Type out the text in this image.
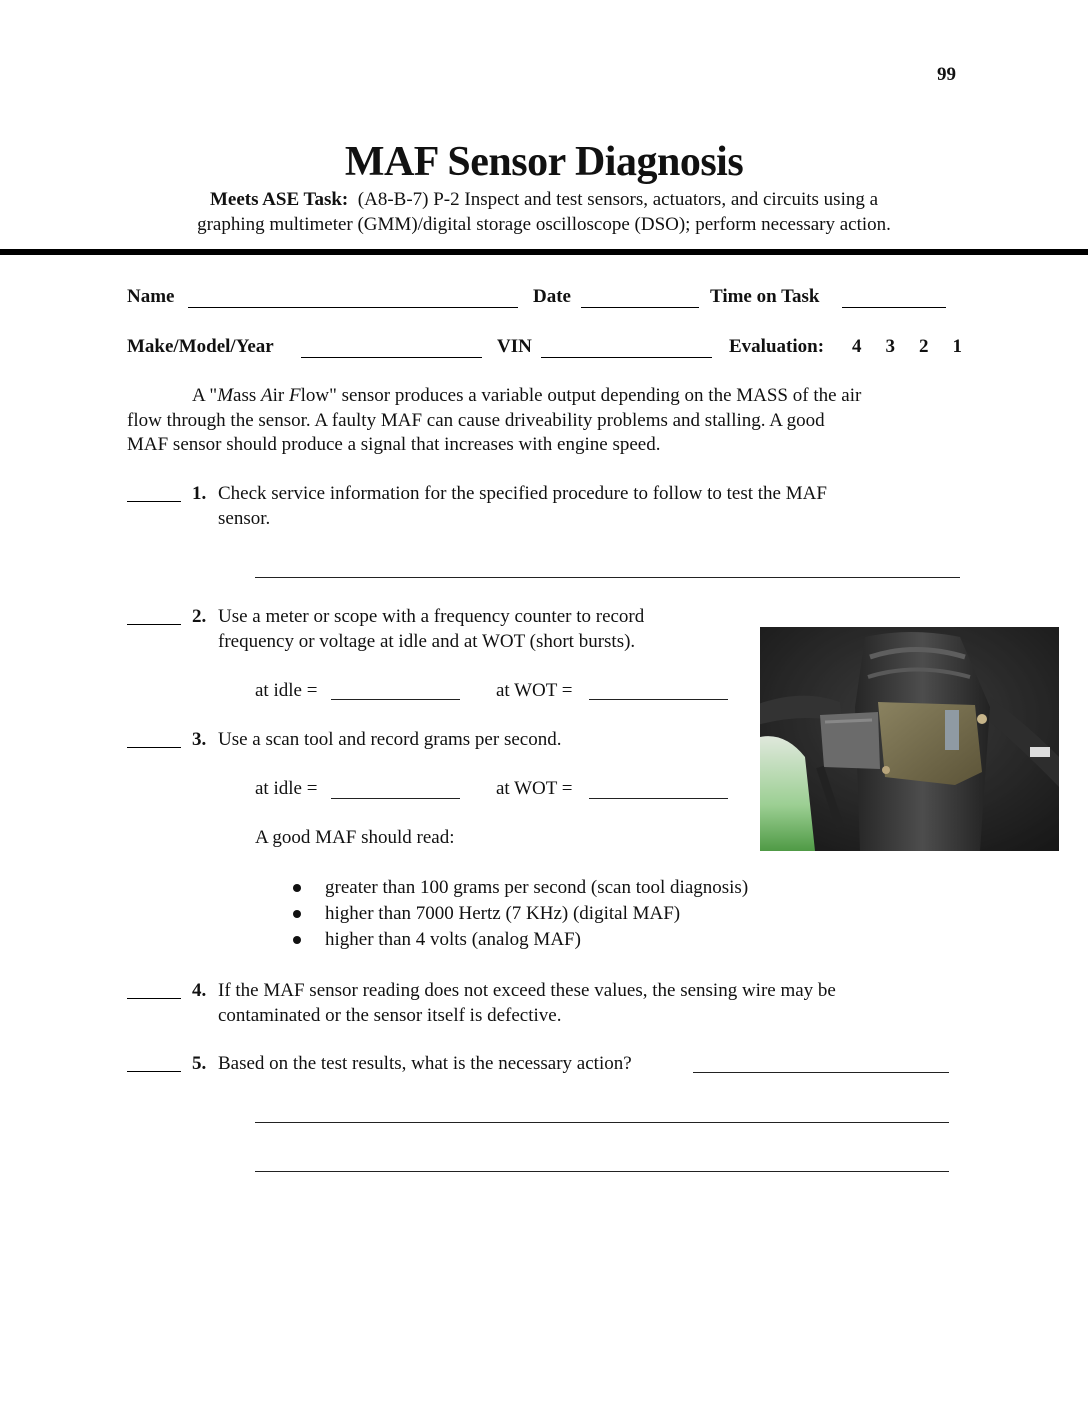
99
MAF Sensor Diagnosis
Meets ASE Task: (A8-B-7) P-2 Inspect and test sensors, actuators, and circuits using a
graphing multimeter (GMM)/digital storage oscilloscope (DSO); perform necessary action.
Name	Date	Time on Task
Make/Model/Year	VIN	Evaluation: 4 3 2 1
A "Mass Air Flow" sensor produces a variable output depending on the MASS of the air
flow through the sensor. A faulty MAF can cause driveability problems and stalling. A good
MAF sensor should produce a signal that increases with engine speed.
1. Check service information for the specified procedure to follow to test the MAF
sensor.
2. Use a meter or scope with a frequency counter to record
frequency or voltage at idle and at WOT (short bursts).
at idle =	at WOT =
3. Use a scan tool and record grams per second.
at idle =	at WOT =
A good MAF should read:
greater than 100 grams per second (scan tool diagnosis)
higher than 7000 Hertz (7 KHz) (digital MAF)
higher than 4 volts (analog MAF)
4. If the MAF sensor reading does not exceed these values, the sensing wire may be
contaminated or the sensor itself is defective.
5. Based on the test results, what is the necessary action?
